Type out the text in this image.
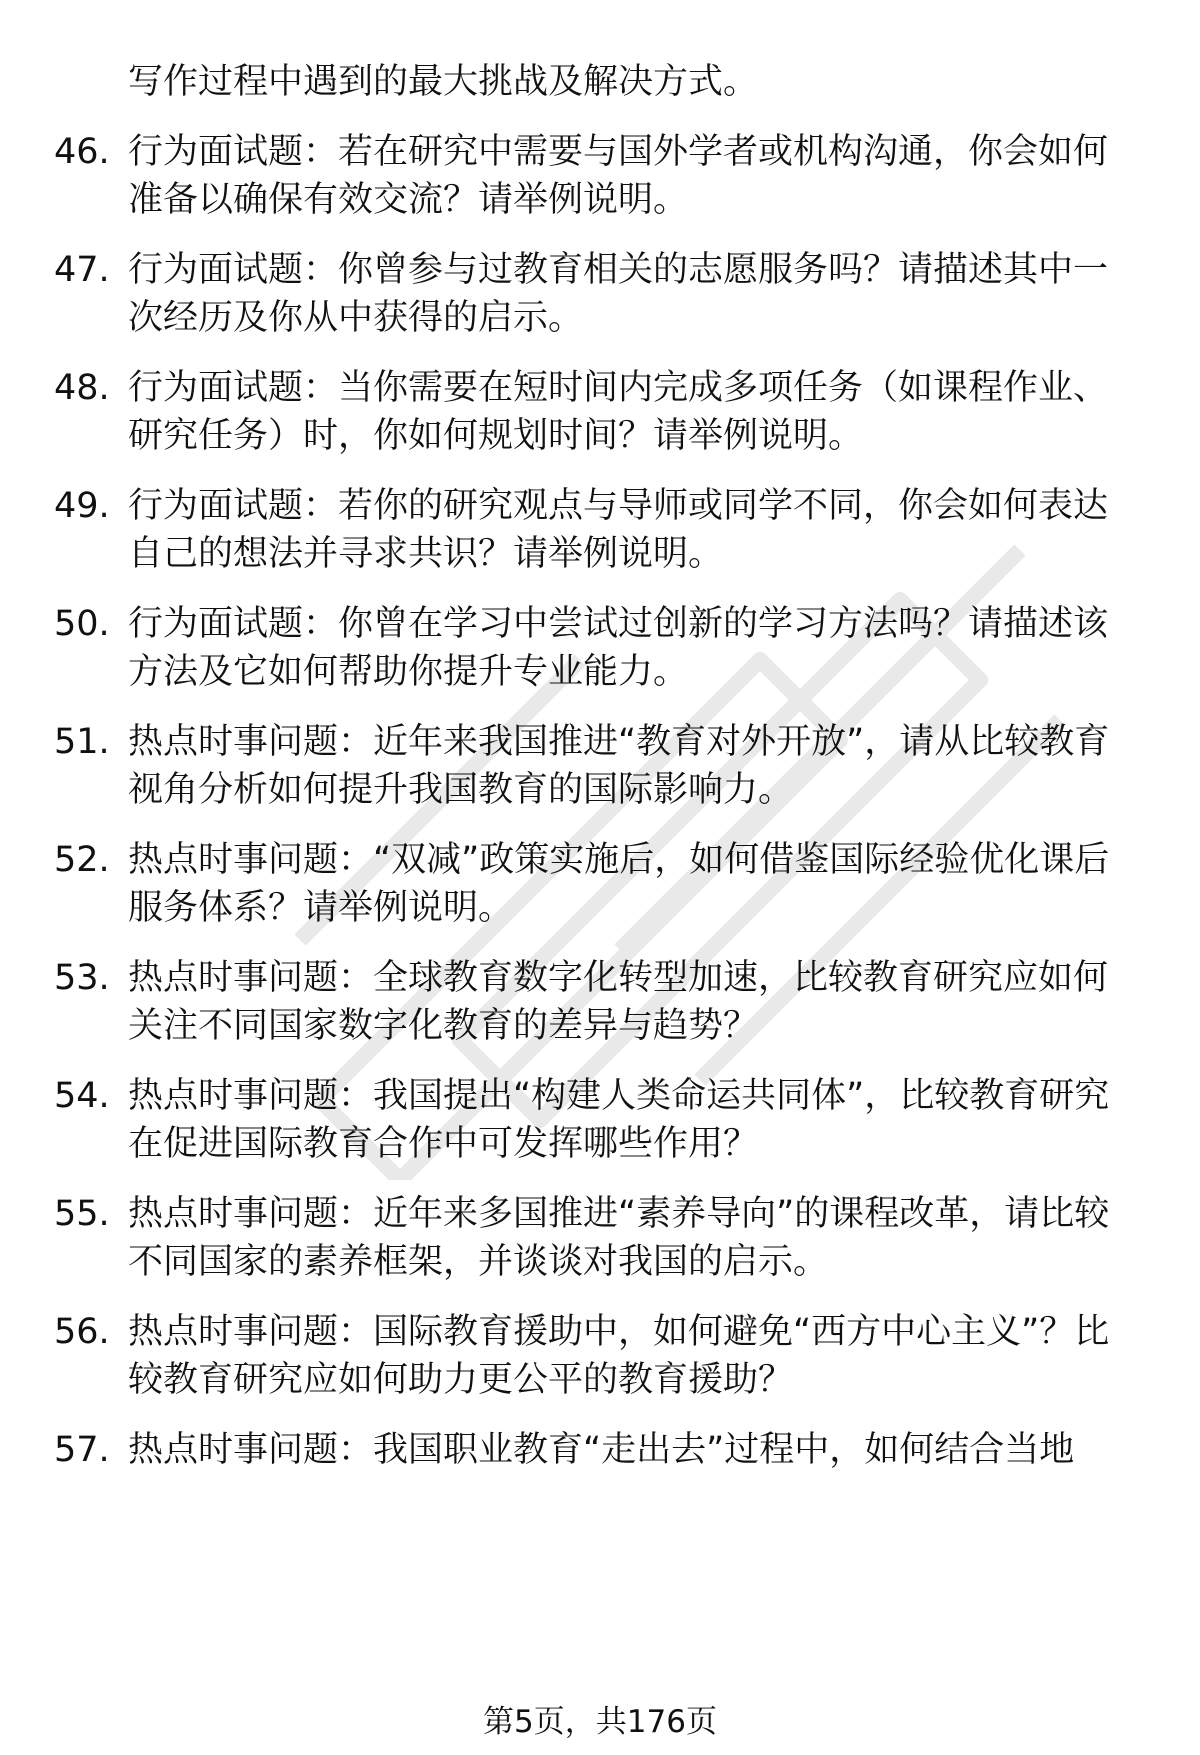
写作过程中遇到的最大挑战及解决方式。
46. 行为面试题：若在研究中需要与国外学者或机构沟通，你会如何准备以确保有效交流？请举例说明。
47. 行为面试题：你曾参与过教育相关的志愿服务吗？请描述其中一次经历及你从中获得的启示。
48. 行为面试题：当你需要在短时间内完成多项任务（如课程作业、研究任务）时，你如何规划时间？请举例说明。
49. 行为面试题：若你的研究观点与导师或同学不同，你会如何表达自己的想法并寻求共识？请举例说明。
50. 行为面试题：你曾在学习中尝试过创新的学习方法吗？请描述该方法及它如何帮助你提升专业能力。
51. 热点时事问题：近年来我国推进“教育对外开放”，请从比较教育视角分析如何提升我国教育的国际影响力。
52. 热点时事问题：“双减”政策实施后，如何借鉴国际经验优化课后服务体系？请举例说明。
53. 热点时事问题：全球教育数字化转型加速，比较教育研究应如何关注不同国家数字化教育的差异与趋势？
54. 热点时事问题：我国提出“构建人类命运共同体”，比较教育研究在促进国际教育合作中可发挥哪些作用？
55. 热点时事问题：近年来多国推进“素养导向”的课程改革，请比较不同国家的素养框架，并谈谈对我国的启示。
56. 热点时事问题：国际教育援助中，如何避免“西方中心主义”？比较教育研究应如何助力更公平的教育援助？
57. 热点时事问题：我国职业教育“走出去”过程中，如何结合当地
第5页，共176页
